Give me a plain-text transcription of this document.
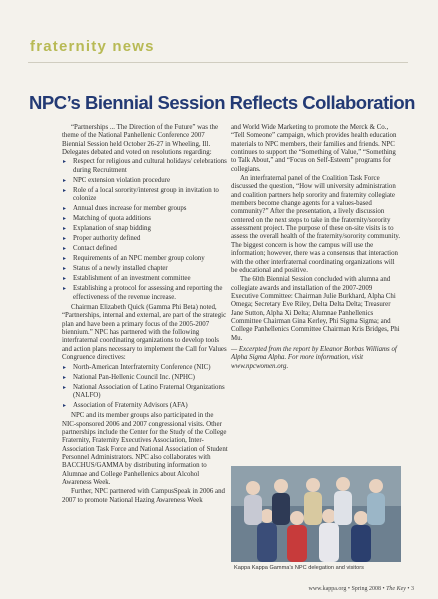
fraternity news
NPC’s Biennial Session Reflects Collaboration

“Partnerships ... The Direction of the Future” was the theme of the National Panhellenic Conference 2007 Biennial Session held October 26-27 in Wheeling, Ill. Delegates debated and voted on resolutions regarding:

▸ Respect for religious and cultural holidays/ celebrations during Recruitment
▸ NPC extension violation procedure
▸ Role of a local sorority/interest group in invitation to colonize
▸ Annual dues increase for member groups
▸ Matching of quota additions
▸ Explanation of snap bidding
▸ Proper authority defined
▸ Contact defined
▸ Requirements of an NPC member group colony
▸ Status of a newly installed chapter
▸ Establishment of an investment committee
▸ Establishing a protocol for assessing and reporting the effectiveness of the revenue increase.

Chairman Elizabeth Quick (Gamma Phi Beta) noted, “Partnerships, internal and external, are part of the strategic plan and have been a primary focus of the 2005-2007 biennium.” NPC has partnered with the following interfraternal coordinating organizations to develop tools and action plans necessary to implement the Call for Values Congruence directives:

▸ North-American Interfraternity Conference (NIC)
▸ National Pan-Hellenic Council Inc. (NPHC)
▸ National Association of Latino Fraternal Organizations (NALFO)
▸ Association of Fraternity Advisors (AFA)

NPC and its member groups also participated in the NIC-sponsored 2006 and 2007 congressional visits. Other partnerships include the Center for the Study of the College Fraternity, Fraternity Executives Association, Inter-Association Task Force and National Association of Student Personnel Administrators. NPC also collaborates with BACCHUS/GAMMA by distributing information to Alumnae and College Panhellenics about Alcohol Awareness Week.

Further, NPC partnered with CampusSpeak in 2006 and 2007 to promote National Hazing Awareness Week

and World Wide Marketing to promote the Merck & Co., “Tell Someone” campaign, which provides health education materials to NPC members, their families and friends. NPC continues to support the “Something of Value,” “Something to Talk About,” and “Focus on Self-Esteem” programs for collegians.

An interfraternal panel of the Coalition Task Force discussed the question, “How will university administration and coalition partners help sorority and fraternity collegiate members become change agents for a values-based community?” After the presentation, a lively discussion centered on the next steps to take in the fraternity/sorority assessment project. The purpose of these on-site visits is to assess the overall health of the fraternity/sorority community. The biggest concern is how the campus will use the information; however, there was a consensus that interaction with the other interfraternal coordinating organizations will be educational and positive.

The 60th Biennial Session concluded with alumna and collegiate awards and installation of the 2007-2009 Executive Committee: Chairman Julie Burkhard, Alpha Chi Omega; Secretary Eve Riley, Delta Delta Delta; Treasurer Jane Sutton, Alpha Xi Delta; Alumnae Panhellenics Committee Chairman Gina Kerley, Phi Sigma Sigma; and College Panhellenics Committee Chairman Kris Bridges, Phi Mu.

— Excerpted from the report by Eleanor Borbas Williams of Alpha Sigma Alpha. For more information, visit www.npcwomen.org.

Kappa Kappa Gamma’s NPC delegation and visitors
www.kappa.org • Spring 2008 • The Key • 3
